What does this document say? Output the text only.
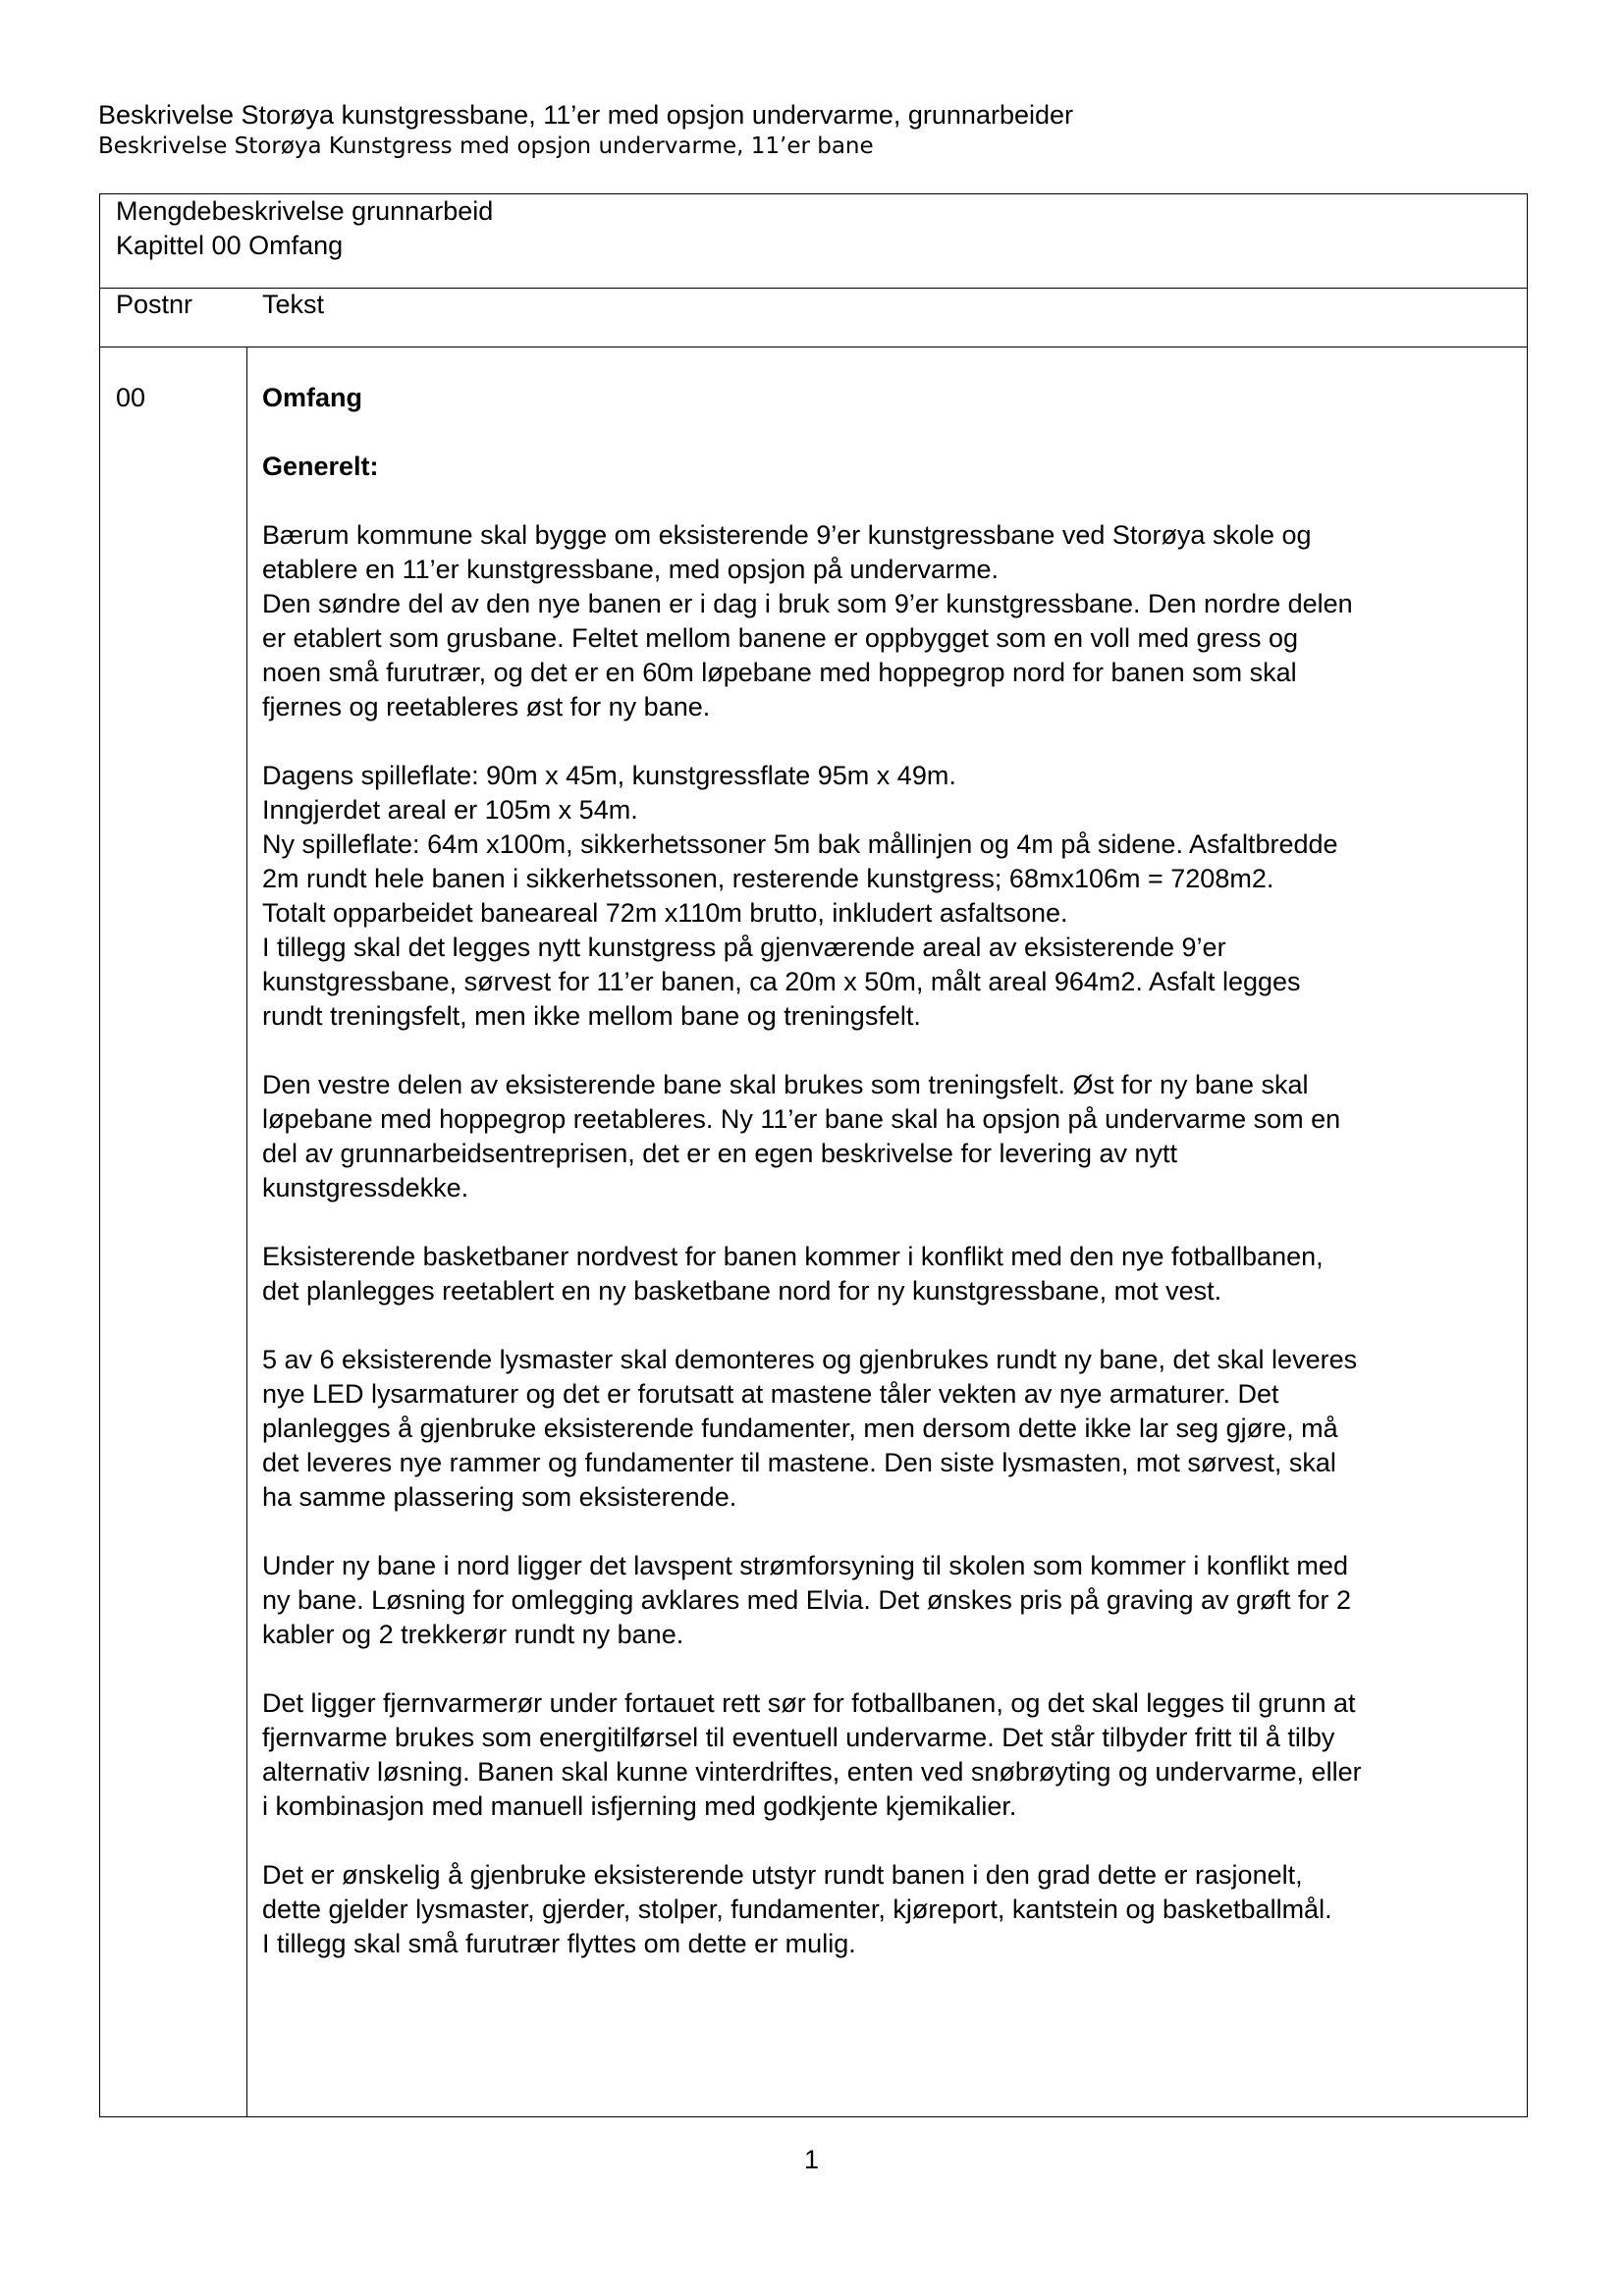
Beskrivelse Storøya kunstgressbane, 11’er med opsjon undervarme, grunnarbeider
Beskrivelse Storøya Kunstgress med opsjon undervarme, 11’er bane
Mengdebeskrivelse grunnarbeid
Kapittel 00 Omfang
Postnr	Tekst
00	Omfang
Generelt:
Bærum kommune skal bygge om eksisterende 9’er kunstgressbane ved Storøya skole og
etablere en 11’er kunstgressbane, med opsjon på undervarme.
Den søndre del av den nye banen er i dag i bruk som 9’er kunstgressbane. Den nordre delen
er etablert som grusbane. Feltet mellom banene er oppbygget som en voll med gress og
noen små furutrær, og det er en 60m løpebane med hoppegrop nord for banen som skal
fjernes og reetableres øst for ny bane.
Dagens spilleflate: 90m x 45m, kunstgressflate 95m x 49m.
Inngjerdet areal er 105m x 54m.
Ny spilleflate: 64m x100m, sikkerhetssoner 5m bak mållinjen og 4m på sidene. Asfaltbredde
2m rundt hele banen i sikkerhetssonen, resterende kunstgress; 68mx106m = 7208m2.
Totalt opparbeidet baneareal 72m x110m brutto, inkludert asfaltsone.
I tillegg skal det legges nytt kunstgress på gjenværende areal av eksisterende 9’er
kunstgressbane, sørvest for 11’er banen, ca 20m x 50m, målt areal 964m2. Asfalt legges
rundt treningsfelt, men ikke mellom bane og treningsfelt.
Den vestre delen av eksisterende bane skal brukes som treningsfelt. Øst for ny bane skal
løpebane med hoppegrop reetableres. Ny 11’er bane skal ha opsjon på undervarme som en
del av grunnarbeidsentreprisen, det er en egen beskrivelse for levering av nytt
kunstgressdekke.
Eksisterende basketbaner nordvest for banen kommer i konflikt med den nye fotballbanen,
det planlegges reetablert en ny basketbane nord for ny kunstgressbane, mot vest.
5 av 6 eksisterende lysmaster skal demonteres og gjenbrukes rundt ny bane, det skal leveres
nye LED lysarmaturer og det er forutsatt at mastene tåler vekten av nye armaturer. Det
planlegges å gjenbruke eksisterende fundamenter, men dersom dette ikke lar seg gjøre, må
det leveres nye rammer og fundamenter til mastene. Den siste lysmasten, mot sørvest, skal
ha samme plassering som eksisterende.
Under ny bane i nord ligger det lavspent strømforsyning til skolen som kommer i konflikt med
ny bane. Løsning for omlegging avklares med Elvia. Det ønskes pris på graving av grøft for 2
kabler og 2 trekkerør rundt ny bane.
Det ligger fjernvarmerør under fortauet rett sør for fotballbanen, og det skal legges til grunn at
fjernvarme brukes som energitilførsel til eventuell undervarme. Det står tilbyder fritt til å tilby
alternativ løsning. Banen skal kunne vinterdriftes, enten ved snøbrøyting og undervarme, eller
i kombinasjon med manuell isfjerning med godkjente kjemikalier.
Det er ønskelig å gjenbruke eksisterende utstyr rundt banen i den grad dette er rasjonelt,
dette gjelder lysmaster, gjerder, stolper, fundamenter, kjøreport, kantstein og basketballmål.
I tillegg skal små furutrær flyttes om dette er mulig.
1
